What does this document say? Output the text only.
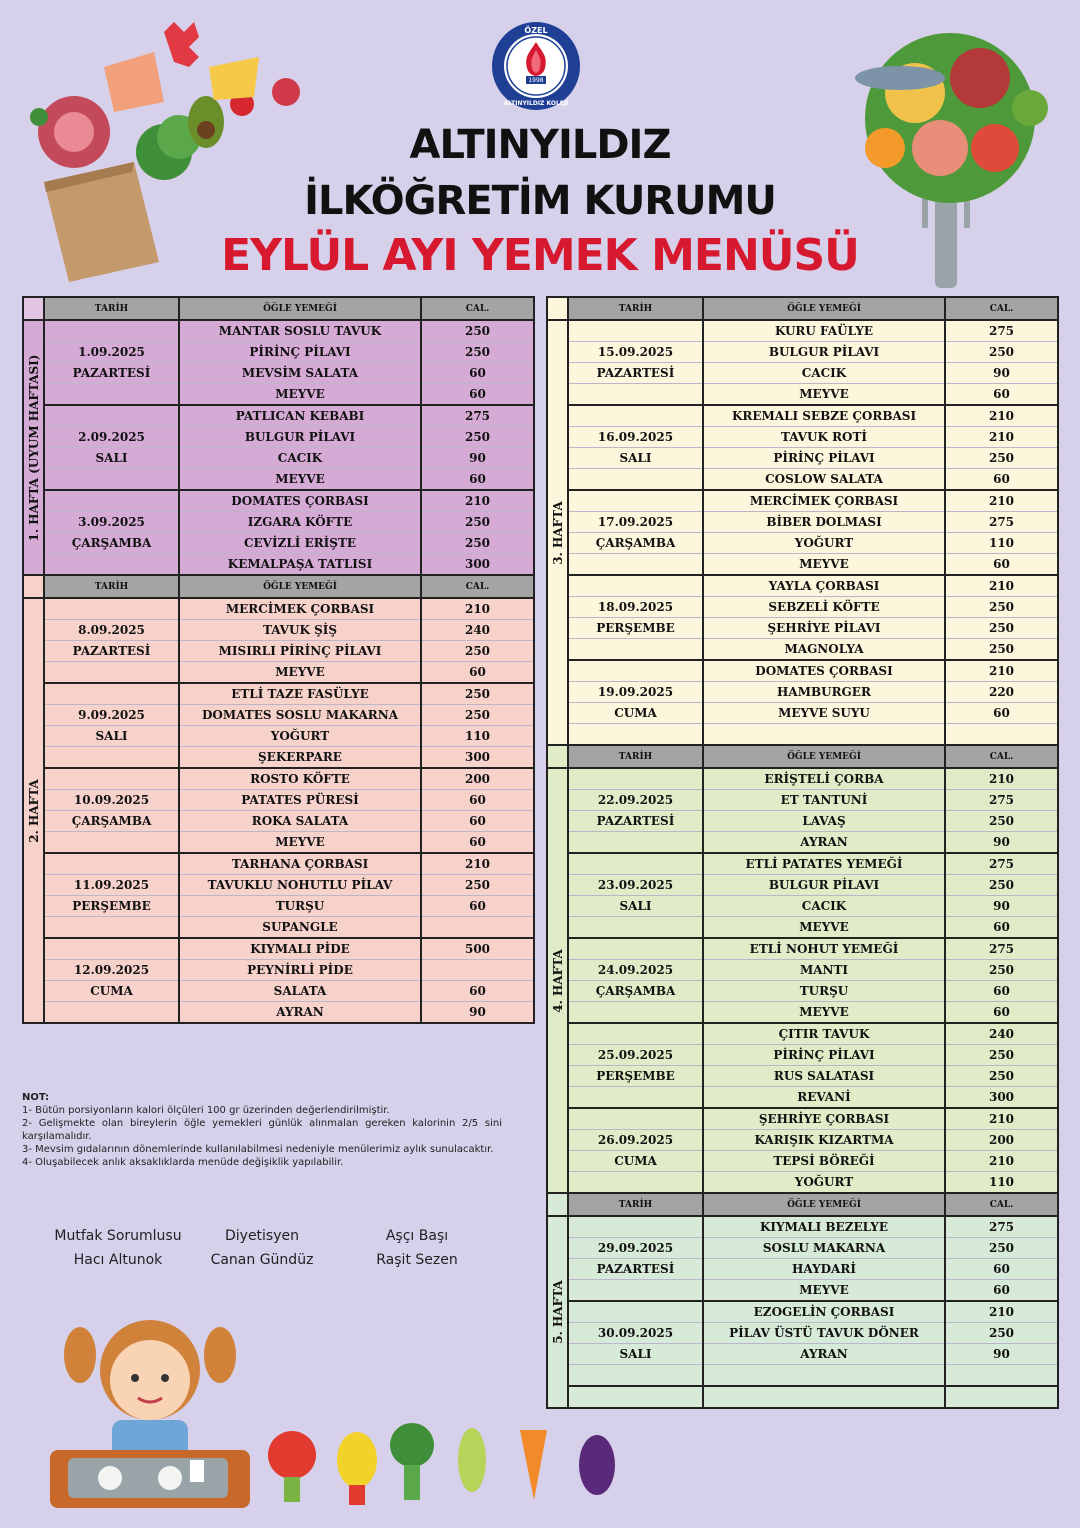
1998
ÖZEL
ALTINYILDIZ KOLEJİ
ALTINYILDIZ
İLKÖĞRETİM KURUMU
EYLÜL AYI YEMEK MENÜSÜ
	TARİH	ÖĞLE YEMEĞİ	CAL.

1. HAFTA (UYUM HAFTASI)		MANTAR SOSLU TAVUK	250
	1.09.2025	PİRİNÇ PİLAVI	250
	PAZARTESİ	MEVSİM SALATA	60
		MEYVE	60
		PATLICAN KEBABI	275
	2.09.2025	BULGUR PİLAVI	250
	SALI	CACIK	90
		MEYVE	60
		DOMATES ÇORBASI	210
	3.09.2025	IZGARA KÖFTE	250
	ÇARŞAMBA	CEVİZLİ ERİŞTE	250
		KEMALPAŞA TATLISI	300
	TARİH	ÖĞLE YEMEĞİ	CAL.

2. HAFTA		MERCİMEK ÇORBASI	210
	8.09.2025	TAVUK ŞİŞ	240
	PAZARTESİ	MISIRLI PİRİNÇ PİLAVI	250
		MEYVE	60
		ETLİ TAZE FASÜLYE	250
	9.09.2025	DOMATES SOSLU MAKARNA	250
	SALI	YOĞURT	110
		ŞEKERPARE	300
		ROSTO KÖFTE	200
	10.09.2025	PATATES PÜRESİ	60
	ÇARŞAMBA	ROKA SALATA	60
		MEYVE	60
		TARHANA ÇORBASI	210
	11.09.2025	TAVUKLU NOHUTLU PİLAV	250
	PERŞEMBE	TURŞU	60
		SUPANGLE	
		KIYMALI PİDE	500
	12.09.2025	PEYNİRLİ PİDE	
	CUMA	SALATA	60
		AYRAN	90
	TARİH	ÖĞLE YEMEĞİ	CAL.

3. HAFTA		KURU FAÜLYE	275
	15.09.2025	BULGUR PİLAVI	250
	PAZARTESİ	CACIK	90
		MEYVE	60
		KREMALI SEBZE ÇORBASI	210
	16.09.2025	TAVUK ROTİ	210
	SALI	PİRİNÇ PİLAVI	250
		COSLOW SALATA	60
		MERCİMEK ÇORBASI	210
	17.09.2025	BİBER DOLMASI	275
	ÇARŞAMBA	YOĞURT	110
		MEYVE	60
		YAYLA ÇORBASI	210
	18.09.2025	SEBZELİ KÖFTE	250
	PERŞEMBE	ŞEHRİYE PİLAVI	250
		MAGNOLYA	250
		DOMATES ÇORBASI	210
	19.09.2025	HAMBURGER	220
	CUMA	MEYVE SUYU	60

	TARİH	ÖĞLE YEMEĞİ	CAL.

4. HAFTA		ERİŞTELİ ÇORBA	210
	22.09.2025	ET TANTUNİ	275
	PAZARTESİ	LAVAŞ	250
		AYRAN	90
		ETLİ PATATES YEMEĞİ	275
	23.09.2025	BULGUR PİLAVI	250
	SALI	CACIK	90
		MEYVE	60
		ETLİ NOHUT YEMEĞİ	275
	24.09.2025	MANTI	250
	ÇARŞAMBA	TURŞU	60
		MEYVE	60
		ÇITIR TAVUK	240
	25.09.2025	PİRİNÇ PİLAVI	250
	PERŞEMBE	RUS SALATASI	250
		REVANİ	300
		ŞEHRİYE ÇORBASI	210
	26.09.2025	KARIŞIK KIZARTMA	200
	CUMA	TEPSİ BÖREĞİ	210
		YOĞURT	110
	TARİH	ÖĞLE YEMEĞİ	CAL.

5. HAFTA		KIYMALI BEZELYE	275
	29.09.2025	SOSLU MAKARNA	250
	PAZARTESİ	HAYDARİ	60
		MEYVE	60
		EZOGELİN ÇORBASI	210
	30.09.2025	PİLAV ÜSTÜ TAVUK DÖNER	250
	SALI	AYRAN	90

NOT:

1- Bütün porsiyonların kalori ölçüleri 100 gr üzerinden değerlendirilmiştir.

2- Gelişmekte olan bireylerin öğle yemekleri günlük alınmalan gereken kalorinin 2/5 sini karşılamalıdır.

3- Mevsim gıdalarının dönemlerinde kullanılabilmesi nedeniyle menülerimiz aylık sunulacaktır.

4- Oluşabilecek anlık aksaklıklarda menüde değişiklik yapılabilir.

Mutfak Sorumlusu
Hacı Altunok
Diyetisyen
Canan Gündüz
Aşçı Başı
Raşit Sezen
